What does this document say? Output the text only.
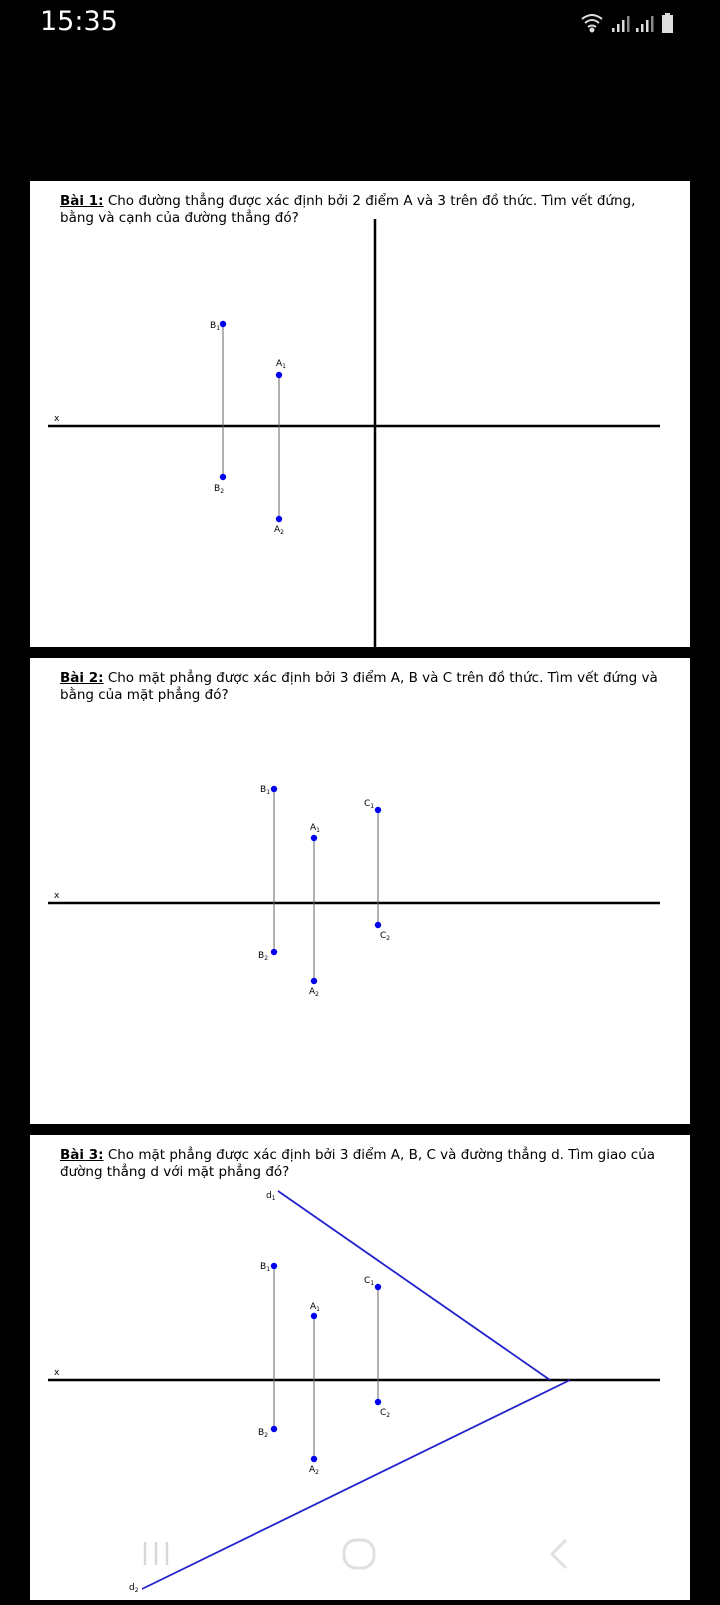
15:35
Bài 1: Cho đường thẳng được xác định bởi 2 điểm A và 3 trên đồ thức. Tìm vết đứng, bằng và cạnh của đường thẳng đó?
x
$B_1$
$B_2$
$A_1$
$A_2$
Bài 2: Cho mặt phẳng được xác định bởi 3 điểm A, B và C trên đồ thức. Tìm vết đứng và bằng của mặt phẳng đó?
x
$B_1$
$B_2$
$A_1$
$A_2$
$C_1$
$C_2$
Bài 3: Cho mặt phẳng được xác định bởi 3 điểm A, B, C và đường thẳng d. Tìm giao của đường thẳng d với mặt phẳng đó?
x
$d_1$
$B_1$
$C_1$
$A_1$
$C_2$
$B_2$
$A_2$
$d_2$
